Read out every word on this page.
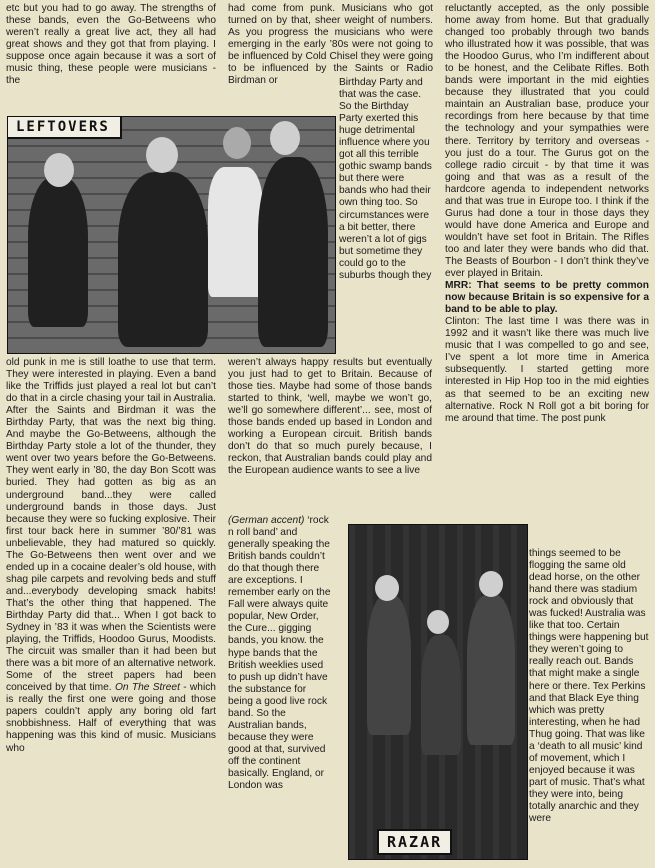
etc but you had to go away. The strengths of these bands, even the Go-Betweens who weren’t really a great live act, they all had great shows and they got that from playing. I suppose once again because it was a sort of music thing, these people were musicians - the

had come from punk. Musicians who got turned on by that, sheer weight of numbers. As you progress the musicians who were emerging in the early ’80s were not going to be influenced by Cold Chisel they were going to be influenced by the Saints or Radio Birdman or	Birthday Party and that was the case. So the Birthday Party exerted this huge detrimental influence where you got all this terrible gothic swamp bands but there were bands who had their own thing too. So circumstances were a bit better, there weren’t a lot of gigs but sometime they could go to the suburbs though they

reluctantly accepted, as the only possible home away from home. But that gradually changed too probably through two bands who illustrated how it was possible, that was the Hoodoo Gurus, who I’m indifferent about to be honest, and the Celibate Rifles. Both bands were important in the mid eighties because they illustrated that you could maintain an Australian base, produce your recordings from here because by that time the technology and your sympathies were there. Territory by territory and overseas - you just do a tour. The Gurus got on the college radio circuit - by that time it was going and that was as a result of the hardcore agenda to independent networks and that was true in Europe too. I think if the Gurus had done a tour in those days they would have done America and Europe and wouldn’t have set foot in Britain. The Rifles too and later they were bands who did that. The Beasts of Bourbon - I don’t think they’ve ever played in Britain.

MRR: That seems to be pretty common now because Britain is so expensive for a band to be able to play.

Clinton: The last time I was there was in 1992 and it wasn’t like there was much live music that I was compelled to go and see, I’ve spent a lot more time in America subsequently. I started getting more interested in Hip Hop too in the mid eighties as that seemed to be an exciting new alternative. Rock N Roll got a bit boring for me around that time. The post punk

things seemed to be flogging the same old dead horse, on the other hand there was stadium rock and obviously that was fucked! Australia was like that too. Certain things were happening but they weren’t going to really reach out. Bands that might make a single here or there. Tex Perkins and that Black Eye thing which was pretty interesting, when he had Thug going. That was like a ‘death to all music’ kind of movement, which I enjoyed because it was part of music. That’s what they were into, being totally anarchic and they were

old punk in me is still loathe to use that term. They were interested in playing. Even a band like the Triffids just played a real lot but can’t do that in a circle chasing your tail in Australia. After the Saints and Birdman it was the Birthday Party, that was the next big thing. And maybe the Go-Betweens, although the Birthday Party stole a lot of the thunder, they went over two years before the Go-Betweens. They went early in ’80, the day Bon Scott was buried. They had gotten as big as an underground band...they were called underground bands in those days. Just because they were so fucking explosive. Their first tour back here in summer ’80/’81 was unbelievable, they had matured so quickly. The Go-Betweens then went over and we ended up in a cocaine dealer’s old house, with shag pile carpets and revolving beds and stuff and...everybody developing smack habits! That’s the other thing that happened. The Birthday Party did that... When I got back to Sydney in ’83 it was when the Scientists were playing, the Triffids, Hoodoo Gurus, Moodists. The circuit was smaller than it had been but there was a bit more of an alternative network. Some of the street papers had been conceived by that time. On The Street - which is really the first one were going and those papers couldn’t apply any boring old fart snobbishness. Half of everything that was happening was this kind of music. Musicians who

weren’t always happy results but eventually you just had to get to Britain. Because of those ties. Maybe had some of those bands started to think, ‘well, maybe we won’t go, we’ll go somewhere different’... see, most of those bands ended up based in London and working a European circuit. British bands don’t do that so much purely because, I reckon, that Australian bands could play and the European audience wants to see a live

(German accent) ‘rock n roll band’ and generally speaking the British bands couldn’t do that though there are exceptions. I remember early on the Fall were always quite popular, New Order, the Cure... gigging bands, you know. the hype bands that the British weeklies used to push up didn’t have the substance for being a good live rock band. So the Australian bands, because they were good at that, survived off the continent basically. England, or London was

LEFTOVERS
RAZAR
